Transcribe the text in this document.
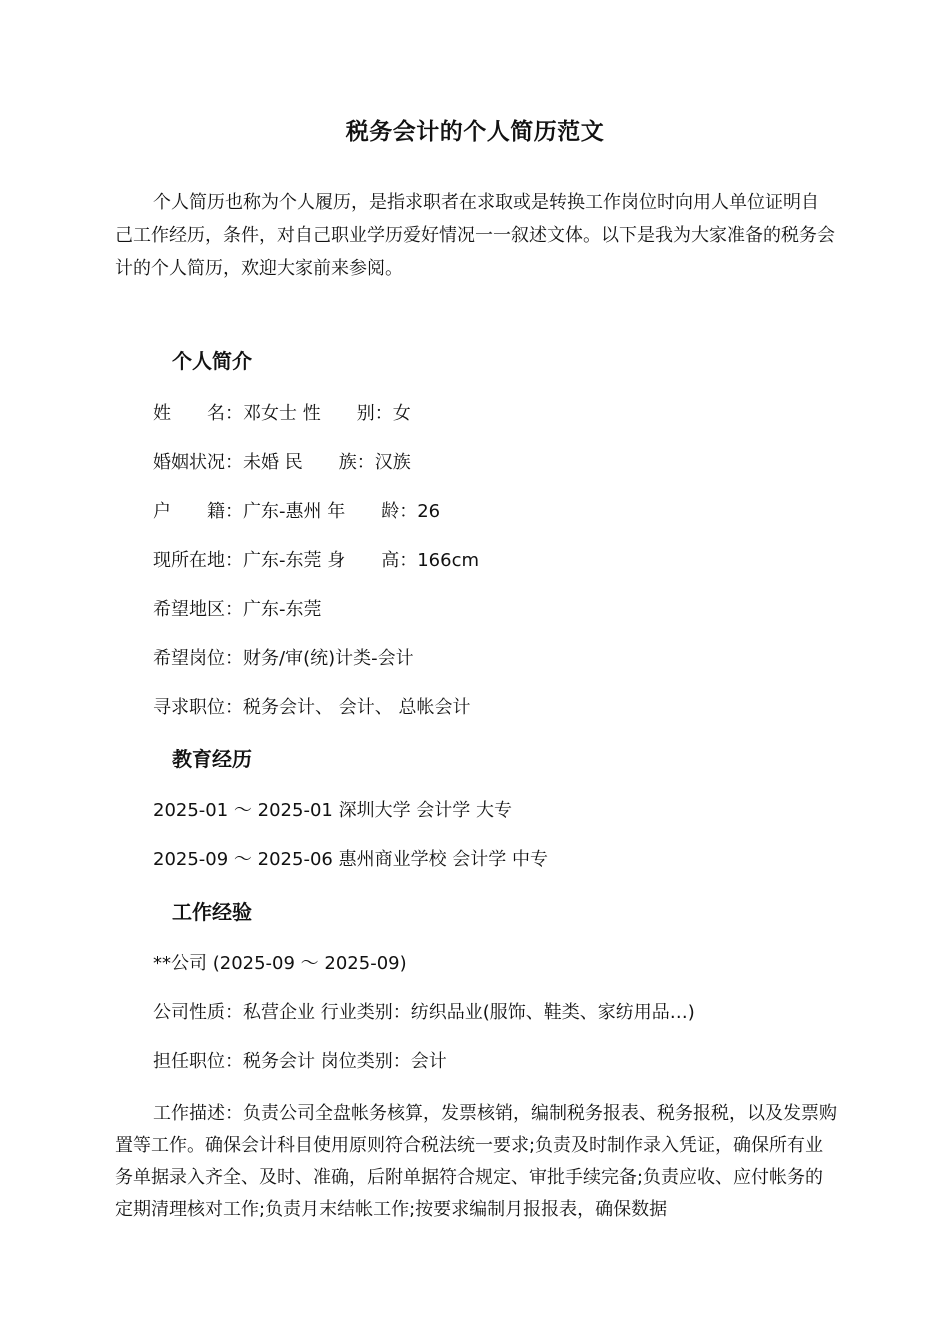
税务会计的个人简历范文

个人简历也称为个人履历，是指求职者在求取或是转换工作岗位时向用人单位证明自己工作经历，条件，对自己职业学历爱好情况一一叙述文体。以下是我为大家准备的税务会计的个人简历，欢迎大家前来参阅。

个人简介
姓　　名：邓女士 性　　别：女
婚姻状况：未婚 民　　族：汉族
户　　籍：广东-惠州 年　　龄：26
现所在地：广东-东莞 身　　高：166cm
希望地区：广东-东莞
希望岗位：财务/审(统)计类-会计
寻求职位：税务会计、 会计、 总帐会计
教育经历
2025-01 ～ 2025-01 深圳大学 会计学 大专
2025-09 ～ 2025-06 惠州商业学校 会计学 中专
工作经验
**公司 (2025-09 ～ 2025-09)
公司性质：私营企业 行业类别：纺织品业(服饰、鞋类、家纺用品…)
担任职位：税务会计 岗位类别：会计

工作描述：负责公司全盘帐务核算，发票核销，编制税务报表、税务报税，以及发票购置等工作。确保会计科目使用原则符合税法统一要求;负责及时制作录入凭证，确保所有业务单据录入齐全、及时、准确，后附单据符合规定、审批手续完备;负责应收、应付帐务的定期清理核对工作;负责月末结帐工作;按要求编制月报报表，确保数据
